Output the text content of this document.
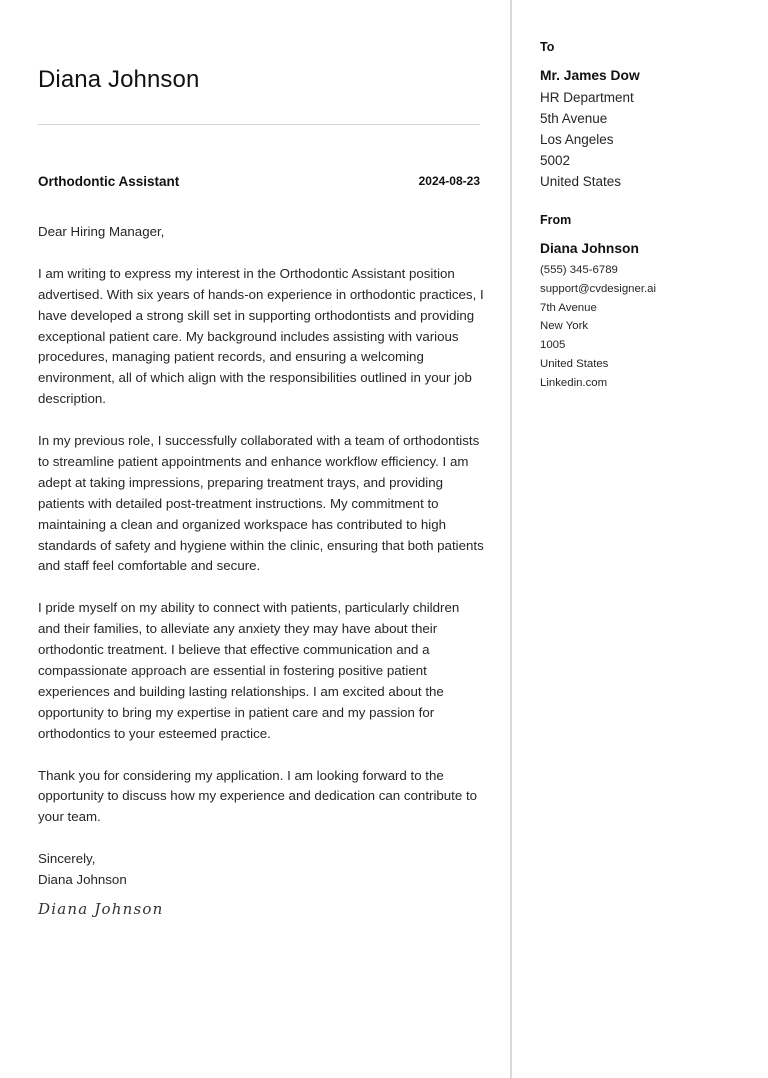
Diana Johnson
Orthodontic Assistant	2024-08-23

Dear Hiring Manager,

I am writing to express my interest in the Orthodontic Assistant position advertised. With six years of hands-on experience in orthodontic practices, I have developed a strong skill set in supporting orthodontists and providing exceptional patient care. My background includes assisting with various procedures, managing patient records, and ensuring a welcoming environment, all of which align with the responsibilities outlined in your job description.

In my previous role, I successfully collaborated with a team of orthodontists to streamline patient appointments and enhance workflow efficiency. I am adept at taking impressions, preparing treatment trays, and providing patients with detailed post-treatment instructions. My commitment to maintaining a clean and organized workspace has contributed to high standards of safety and hygiene within the clinic, ensuring that both patients and staff feel comfortable and secure.

I pride myself on my ability to connect with patients, particularly children and their families, to alleviate any anxiety they may have about their orthodontic treatment. I believe that effective communication and a compassionate approach are essential in fostering positive patient experiences and building lasting relationships. I am excited about the opportunity to bring my expertise in patient care and my passion for orthodontics to your esteemed practice.

Thank you for considering my application. I am looking forward to the opportunity to discuss how my experience and dedication can contribute to your team.

Sincerely,
Diana Johnson

Diana Johnson
To
Mr. James Dow
HR Department
5th Avenue
Los Angeles
5002
United States
From
Diana Johnson
(555) 345-6789
support@cvdesigner.ai
7th Avenue
New York
1005
United States
Linkedin.com
